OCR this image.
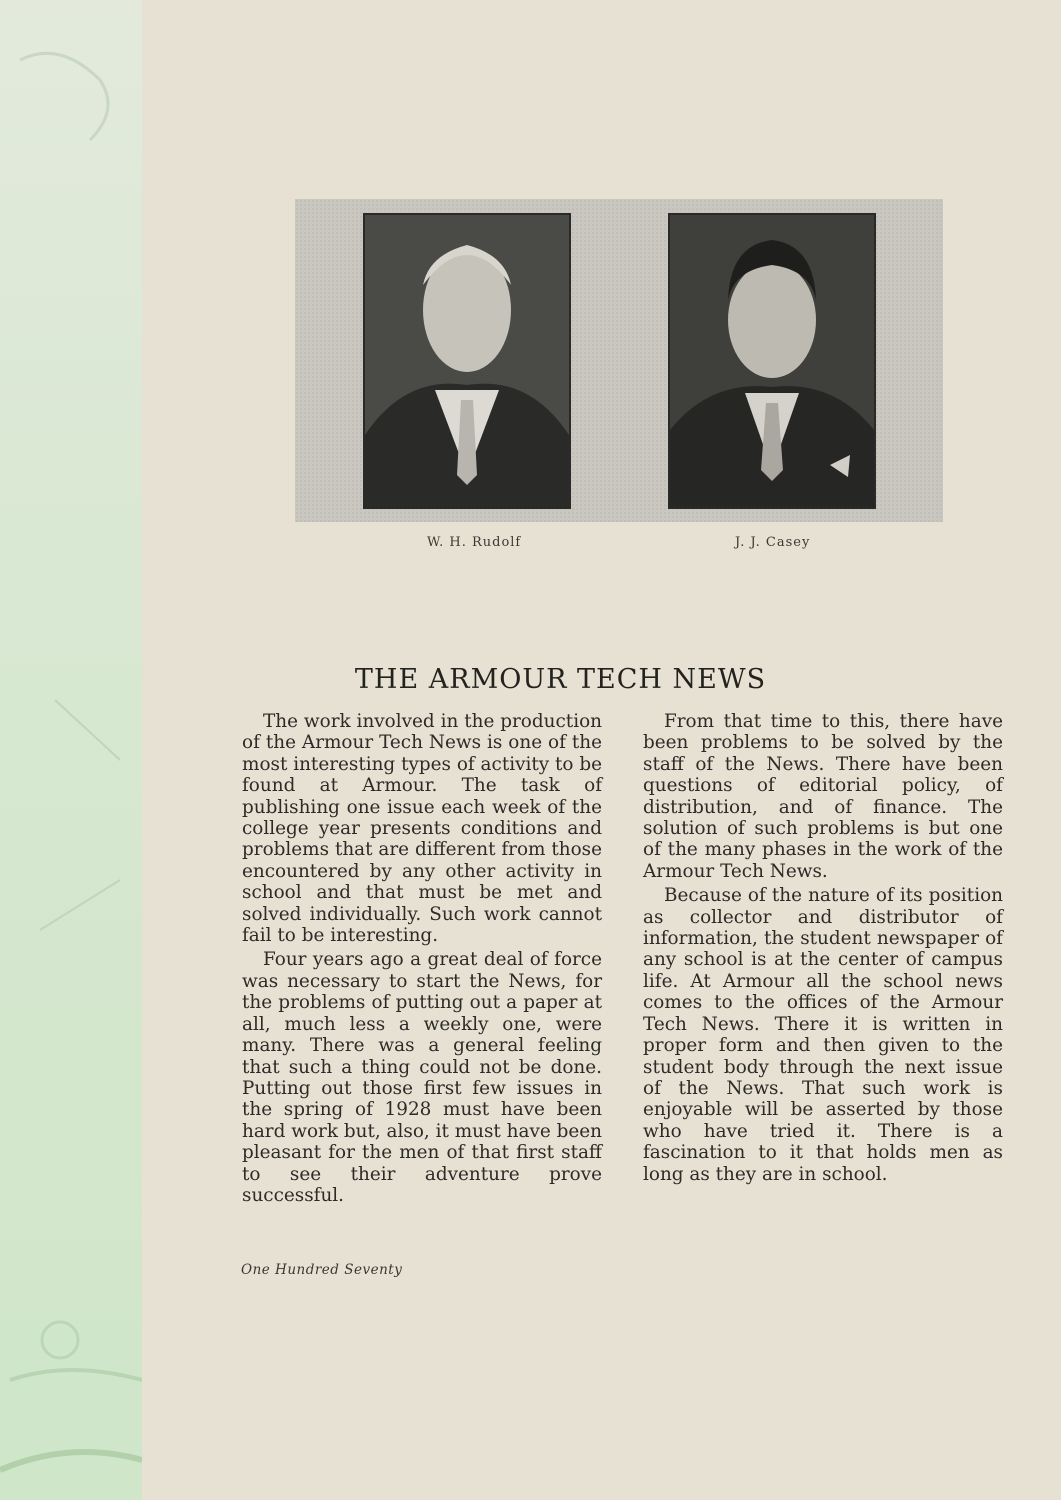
W. H. Rudolf	J. J. Casey
THE ARMOUR TECH NEWS

The work involved in the production of the Armour Tech News is one of the most interesting types of activity to be found at Armour. The task of publishing one issue each week of the college year presents conditions and problems that are different from those encountered by any other activity in school and that must be met and solved individually. Such work cannot fail to be interesting.

Four years ago a great deal of force was necessary to start the News, for the problems of putting out a paper at all, much less a weekly one, were many. There was a general feeling that such a thing could not be done. Putting out those first few issues in the spring of 1928 must have been hard work but, also, it must have been pleasant for the men of that first staff to see their adventure prove successful.

From that time to this, there have been problems to be solved by the staff of the News. There have been questions of editorial policy, of distribution, and of finance. The solution of such problems is but one of the many phases in the work of the Armour Tech News.

Because of the nature of its position as collector and distributor of information, the student newspaper of any school is at the center of campus life. At Armour all the school news comes to the offices of the Armour Tech News. There it is written in proper form and then given to the student body through the next issue of the News. That such work is enjoyable will be asserted by those who have tried it. There is a fascination to it that holds men as long as they are in school.

One Hundred Seventy
